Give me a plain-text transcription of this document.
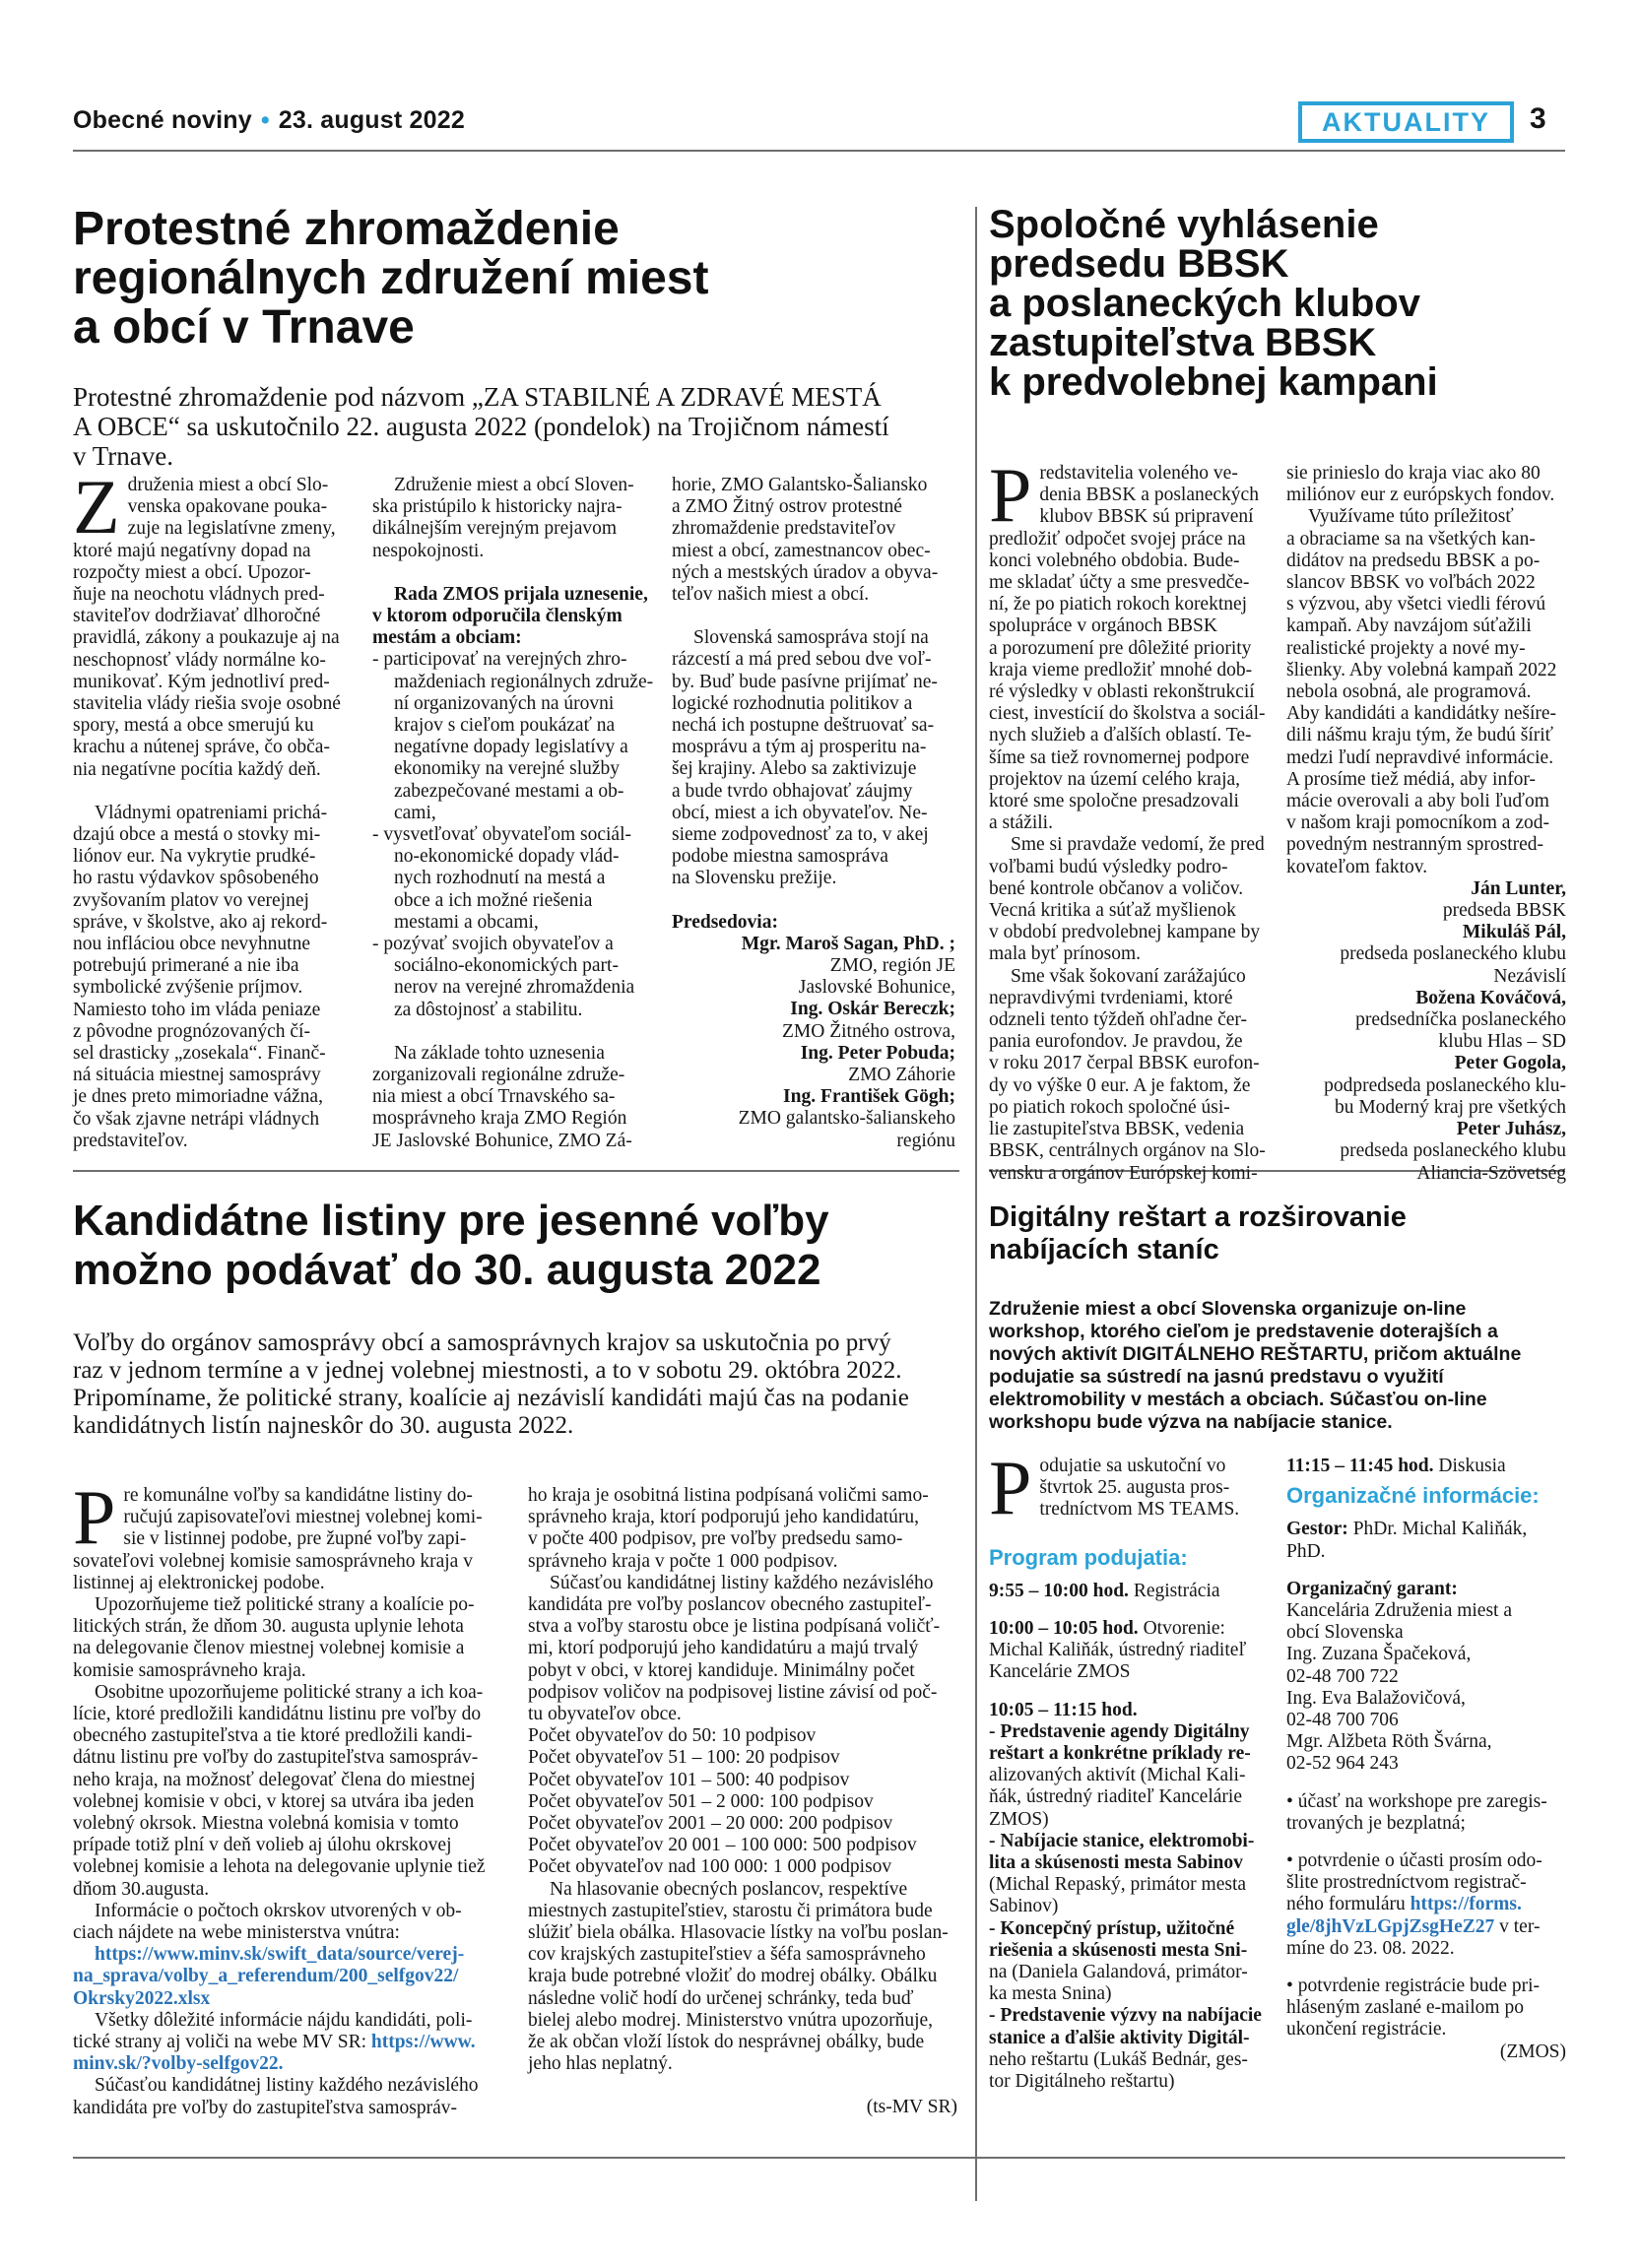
Obecné noviny • 23. august 2022	AKTUALITY	3
Protestné zhromaždenie
regionálnych združení miest
a obcí v Trnave
Protestné zhromaždenie pod názvom „ZA STABILNÉ A ZDRAVÉ MESTÁ
A OBCE“ sa uskutočnilo 22. augusta 2022 (pondelok) na Trojičnom námestí
v Trnave.
Z druženia miest a obcí Slo-
venska opakovane pouka-
zuje na legislatívne zmeny,
ktoré majú negatívny dopad na
rozpočty miest a obcí. Upozor-
ňuje na neochotu vládnych pred-
staviteľov dodržiavať dlhoročné
pravidlá, zákony a poukazuje aj na
neschopnosť vlády normálne ko-
munikovať. Kým jednotliví pred-
stavitelia vlády riešia svoje osobné
spory, mestá a obce smerujú ku
krachu a nútenej správe, čo obča-
nia negatívne pocítia každý deň.
Vládnymi opatreniami prichá-
dzajú obce a mestá o stovky mi-
liónov eur. Na vykrytie prudké-
ho rastu výdavkov spôsobeného
zvyšovaním platov vo verejnej
správe, v školstve, ako aj rekord-
nou infláciou obce nevyhnutne
potrebujú primerané a nie iba
symbolické zvýšenie príjmov.
Namiesto toho im vláda peniaze
z pôvodne prognózovaných čí-
sel drasticky „zosekala“. Finanč-
ná situácia miestnej samosprávy
je dnes preto mimoriadne vážna,
čo však zjavne netrápi vládnych
predstaviteľov.
Združenie miest a obcí Sloven-
ska pristúpilo k historicky najra-
dikálnejším verejným prejavom
nespokojnosti.
Rada ZMOS prijala uznesenie,
v ktorom odporučila členským
mestám a obciam:
- participovať na verejných zhro-
maždeniach regionálnych združe-
ní organizovaných na úrovni
krajov s cieľom poukázať na
negatívne dopady legislatívy a
ekonomiky na verejné služby
zabezpečované mestami a ob-
cami,
- vysvetľovať obyvateľom sociál-
no-ekonomické dopady vlád-
nych rozhodnutí na mestá a
obce a ich možné riešenia
mestami a obcami,
- pozývať svojich obyvateľov a
sociálno-ekonomických part-
nerov na verejné zhromaždenia
za dôstojnosť a stabilitu.
Na základe tohto uznesenia
zorganizovali regionálne združe-
nia miest a obcí Trnavského sa-
mosprávneho kraja ZMO Región
JE Jaslovské Bohunice, ZMO Zá-
horie, ZMO Galantsko-Šaliansko
a ZMO Žitný ostrov protestné
zhromaždenie predstaviteľov
miest a obcí, zamestnancov obec-
ných a mestských úradov a obyva-
teľov našich miest a obcí.
Slovenská samospráva stojí na
rázcestí a má pred sebou dve voľ-
by. Buď bude pasívne prijímať ne-
logické rozhodnutia politikov a
nechá ich postupne deštruovať sa-
mosprávu a tým aj prosperitu na-
šej krajiny. Alebo sa zaktivizuje
a bude tvrdo obhajovať záujmy
obcí, miest a ich obyvateľov. Ne-
sieme zodpovednosť za to, v akej
podobe miestna samospráva
na Slovensku prežije.
Predsedovia:
Mgr. Maroš Sagan, PhD. ;
ZMO, región JE
Jaslovské Bohunice,
Ing. Oskár Bereczk;
ZMO Žitného ostrova,
Ing. Peter Pobuda;
ZMO Záhorie
Ing. František Gögh;
ZMO galantsko-šalianskeho
regiónu
Spoločné vyhlásenie
predsedu BBSK
a poslaneckých klubov
zastupiteľstva BBSK
k predvolebnej kampani
P redstavitelia voleného ve-
denia BBSK a poslaneckých
klubov BBSK sú pripravení
predložiť odpočet svojej práce na
konci volebného obdobia. Bude-
me skladať účty a sme presvedče-
ní, že po piatich rokoch korektnej
spolupráce v orgánoch BBSK
a porozumení pre dôležité priority
kraja vieme predložiť mnohé dob-
ré výsledky v oblasti rekonštrukcií
ciest, investícií do školstva a sociál-
nych služieb a ďalších oblastí. Te-
šíme sa tiež rovnomernej podpore
projektov na území celého kraja,
ktoré sme spoločne presadzovali
a stážili.
Sme si pravdaže vedomí, že pred
voľbami budú výsledky podro-
bené kontrole občanov a voličov.
Vecná kritika a súťaž myšlienok
v období predvolebnej kampane by
mala byť prínosom.
Sme však šokovaní zarážajúco
nepravdivými tvrdeniami, ktoré
odzneli tento týždeň ohľadne čer-
pania eurofondov. Je pravdou, že
v roku 2017 čerpal BBSK eurofon-
dy vo výške 0 eur. A je faktom, že
po piatich rokoch spoločné úsi-
lie zastupiteľstva BBSK, vedenia
BBSK, centrálnych orgánov na Slo-
vensku a orgánov Európskej komi-
sie prinieslo do kraja viac ako 80
miliónov eur z európskych fondov.
Využívame túto príležitosť
a obraciame sa na všetkých kan-
didátov na predsedu BBSK a po-
slancov BBSK vo voľbách 2022
s výzvou, aby všetci viedli férovú
kampaň. Aby navzájom súťažili
realistické projekty a nové my-
šlienky. Aby volebná kampaň 2022
nebola osobná, ale programová.
Aby kandidáti a kandidátky nešíre-
dili nášmu kraju tým, že budú šíriť
medzi ľudí nepravdivé informácie.
A prosíme tiež médiá, aby infor-
mácie overovali a aby boli ľuďom
v našom kraji pomocníkom a zod-
povedným nestranným sprostred-
kovateľom faktov.
Ján Lunter,
predseda BBSK
Mikuláš Pál,
predseda poslaneckého klubu
Nezávislí
Božena Kováčová,
predsedníčka poslaneckého
klubu Hlas – SD
Peter Gogola,
podpredseda poslaneckého klu-
bu Moderný kraj pre všetkých
Peter Juhász,
predseda poslaneckého klubu
Aliancia-Szövetség
Kandidátne listiny pre jesenné voľby
možno podávať do 30. augusta 2022
Voľby do orgánov samosprávy obcí a samosprávnych krajov sa uskutočnia po prvý
raz v jednom termíne a v jednej volebnej miestnosti, a to v sobotu 29. októbra 2022.
Pripomíname, že politické strany, koalície aj nezávislí kandidáti majú čas na podanie
kandidátnych listín najneskôr do 30. augusta 2022.
P re komunálne voľby sa kandidátne listiny do-
ručujú zapisovateľovi miestnej volebnej komi-
sie v listinnej podobe, pre župné voľby zapi-
sovateľovi volebnej komisie samosprávneho kraja v
listinnej aj elektronickej podobe.
Upozorňujeme tiež politické strany a koalície po-
litických strán, že dňom 30. augusta uplynie lehota
na delegovanie členov miestnej volebnej komisie a
komisie samosprávneho kraja.
Osobitne upozorňujeme politické strany a ich koa-
lície, ktoré predložili kandidátnu listinu pre voľby do
obecného zastupiteľstva a tie ktoré predložili kandi-
dátnu listinu pre voľby do zastupiteľstva samospráv-
neho kraja, na možnosť delegovať člena do miestnej
volebnej komisie v obci, v ktorej sa utvára iba jeden
volebný okrsok. Miestna volebná komisia v tomto
prípade totiž plní v deň volieb aj úlohu okrskovej
volebnej komisie a lehota na delegovanie uplynie tiež
dňom 30.augusta.
Informácie o počtoch okrskov utvorených v ob-
ciach nájdete na webe ministerstva vnútra:
https://www.minv.sk/swift_data/source/verej-
na_sprava/volby_a_referendum/200_selfgov22/
Okrsky2022.xlsx
Všetky dôležité informácie nájdu kandidáti, poli-
tické strany aj voliči na webe MV SR: https://www.
minv.sk/?volby-selfgov22.
Súčasťou kandidátnej listiny každého nezávislého
kandidáta pre voľby do zastupiteľstva samospráv-
ho kraja je osobitná listina podpísaná voličmi samo-
správneho kraja, ktorí podporujú jeho kandidatúru,
v počte 400 podpisov, pre voľby predsedu samo-
správneho kraja v počte 1 000 podpisov.
Súčasťou kandidátnej listiny každého nezávislého
kandidáta pre voľby poslancov obecného zastupiteľ-
stva a voľby starostu obce je listina podpísaná voličť-
mi, ktorí podporujú jeho kandidatúru a majú trvalý
pobyt v obci, v ktorej kandiduje. Minimálny počet
podpisov voličov na podpisovej listine závisí od poč-
tu obyvateľov obce.
Počet obyvateľov do 50: 10 podpisov
Počet obyvateľov 51 – 100: 20 podpisov
Počet obyvateľov 101 – 500: 40 podpisov
Počet obyvateľov 501 – 2 000: 100 podpisov
Počet obyvateľov 2001 – 20 000: 200 podpisov
Počet obyvateľov 20 001 – 100 000: 500 podpisov
Počet obyvateľov nad 100 000: 1 000 podpisov
Na hlasovanie obecných poslancov, respektíve
miestnych zastupiteľstiev, starostu či primátora bude
slúžiť biela obálka. Hlasovacie lístky na voľbu poslan-
cov krajských zastupiteľstiev a šéfa samosprávneho
kraja bude potrebné vložiť do modrej obálky. Obálku
následne volič hodí do určenej schránky, teda buď
bielej alebo modrej. Ministerstvo vnútra upozorňuje,
že ak občan vloží lístok do nesprávnej obálky, bude
jeho hlas neplatný.
(ts-MV SR)
Digitálny reštart a rozširovanie
nabíjacích staníc
Združenie miest a obcí Slovenska organizuje on-line
workshop, ktorého cieľom je predstavenie doterajších a
nových aktivít DIGITÁLNEHO REŠTARTU, pričom aktuálne
podujatie sa sústredí na jasnú predstavu o využití
elektromobility v mestách a obciach. Súčasťou on-line
workshopu bude výzva na nabíjacie stanice.
P odujatie sa uskutoční vo
štvrtok 25. augusta pros-
tredníctvom MS TEAMS.
Program podujatia:
9:55 – 10:00 hod. Registrácia
10:00 – 10:05 hod. Otvorenie:
Michal Kaliňák, ústredný riaditeľ
Kancelárie ZMOS
10:05 – 11:15 hod.
- Predstavenie agendy Digitálny
reštart a konkrétne príklady re-
alizovaných aktivít (Michal Kali-
ňák, ústredný riaditeľ Kancelárie
ZMOS)
- Nabíjacie stanice, elektromobi-
lita a skúsenosti mesta Sabinov
(Michal Repaský, primátor mesta
Sabinov)
- Koncepčný prístup, užitočné
riešenia a skúsenosti mesta Sni-
na (Daniela Galandová, primátor-
ka mesta Snina)
- Predstavenie výzvy na nabíjacie
stanice a ďalšie aktivity Digitál-
neho reštartu (Lukáš Bednár, ges-
tor Digitálneho reštartu)
11:15 – 11:45 hod. Diskusia
Organizačné informácie:
Gestor: PhDr. Michal Kaliňák,
PhD.
Organizačný garant:
Kancelária Združenia miest a
obcí Slovenska
Ing. Zuzana Špačeková,
02-48 700 722
Ing. Eva Balažovičová,
02-48 700 706
Mgr. Alžbeta Röth Švárna,
02-52 964 243
• účasť na workshope pre zaregis-
trovaných je bezplatná;
• potvrdenie o účasti prosím odo-
šlite prostredníctvom registrač-
ného formuláru https://forms.
gle/8jhVzLGpjZsgHeZ27 v ter-
míne do 23. 08. 2022.
• potvrdenie registrácie bude pri-
hláseným zaslané e-mailom po
ukončení registrácie.
(ZMOS)
